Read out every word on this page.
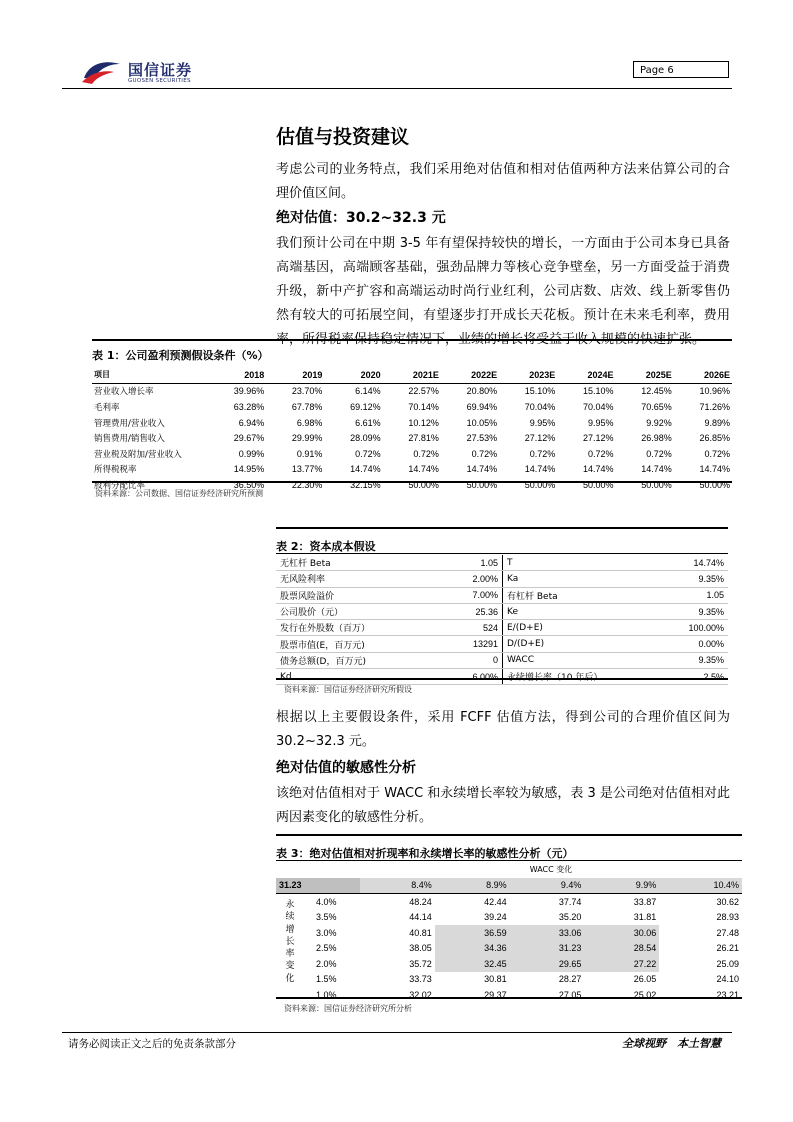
国信证券
GUOSEN SECURITIES
Page 6
估值与投资建议
考虑公司的业务特点，我们采用绝对估值和相对估值两种方法来估算公司的合理价值区间。
绝对估值：30.2~32.3 元
我们预计公司在中期 3-5 年有望保持较快的增长，一方面由于公司本身已具备高端基因，高端顾客基础，强劲品牌力等核心竞争壁垒，另一方面受益于消费升级，新中产扩容和高端运动时尚行业红利，公司店数、店效、线上新零售仍然有较大的可拓展空间，有望逐步打开成长天花板。预计在未来毛利率，费用率，所得税率保持稳定情况下，业绩的增长将受益于收入规模的快速扩张。
表 1：公司盈利预测假设条件（%）
项目	2018	2019	2020	2021E	2022E	2023E	2024E	2025E	2026E
营业收入增长率	39.96%	23.70%	6.14%	22.57%	20.80%	15.10%	15.10%	12.45%	10.96%
毛利率	63.28%	67.78%	69.12%	70.14%	69.94%	70.04%	70.04%	70.65%	71.26%
管理费用/营业收入	6.94%	6.98%	6.61%	10.12%	10.05%	9.95%	9.95%	9.92%	9.89%
销售费用/销售收入	29.67%	29.99%	28.09%	27.81%	27.53%	27.12%	27.12%	26.98%	26.85%
营业税及附加/营业收入	0.99%	0.91%	0.72%	0.72%	0.72%	0.72%	0.72%	0.72%	0.72%
所得税税率	14.95%	13.77%	14.74%	14.74%	14.74%	14.74%	14.74%	14.74%	14.74%
股利分配比率	36.50%	22.30%	32.15%	50.00%	50.00%	50.00%	50.00%	50.00%	50.00%
资料来源：公司数据、国信证券经济研究所预测
表 2：资本成本假设
无杠杆 Beta	1.05	T	14.74%
无风险利率	2.00%	Ka	9.35%
股票风险溢价	7.00%	有杠杆 Beta	1.05
公司股价（元）	25.36	Ke	9.35%
发行在外股数（百万）	524	E/(D+E)	100.00%
股票市值(E，百万元)	13291	D/(D+E)	0.00%
债务总额(D，百万元)	0	WACC	9.35%
Kd	6.00%	永续增长率（10 年后）	2.5%
资料来源：国信证券经济研究所假设
根据以上主要假设条件，采用 FCFF 估值方法，得到公司的合理价值区间为30.2~32.3 元。
绝对估值的敏感性分析
该绝对估值相对于 WACC 和永续增长率较为敏感，表 3 是公司绝对估值相对此两因素变化的敏感性分析。
表 3：绝对估值相对折现率和永续增长率的敏感性分析（元）
	WACC 变化				
31.23	8.4%	8.9%	9.4%	9.9%	10.4%
4.0%	48.24	42.44	37.74	33.87	30.62
3.5%	44.14	39.24	35.20	31.81	28.93
3.0%	40.81	36.59	33.06	30.06	27.48
2.5%	38.05	34.36	31.23	28.54	26.21
2.0%	35.72	32.45	29.65	27.22	25.09
1.5%	33.73	30.81	28.27	26.05	24.10
1.0%	32.02	29.37	27.05	25.02	23.21
永续增长率变化
资料来源：国信证券经济研究所分析
请务必阅读正文之后的免责条款部分	全球视野　本土智慧
